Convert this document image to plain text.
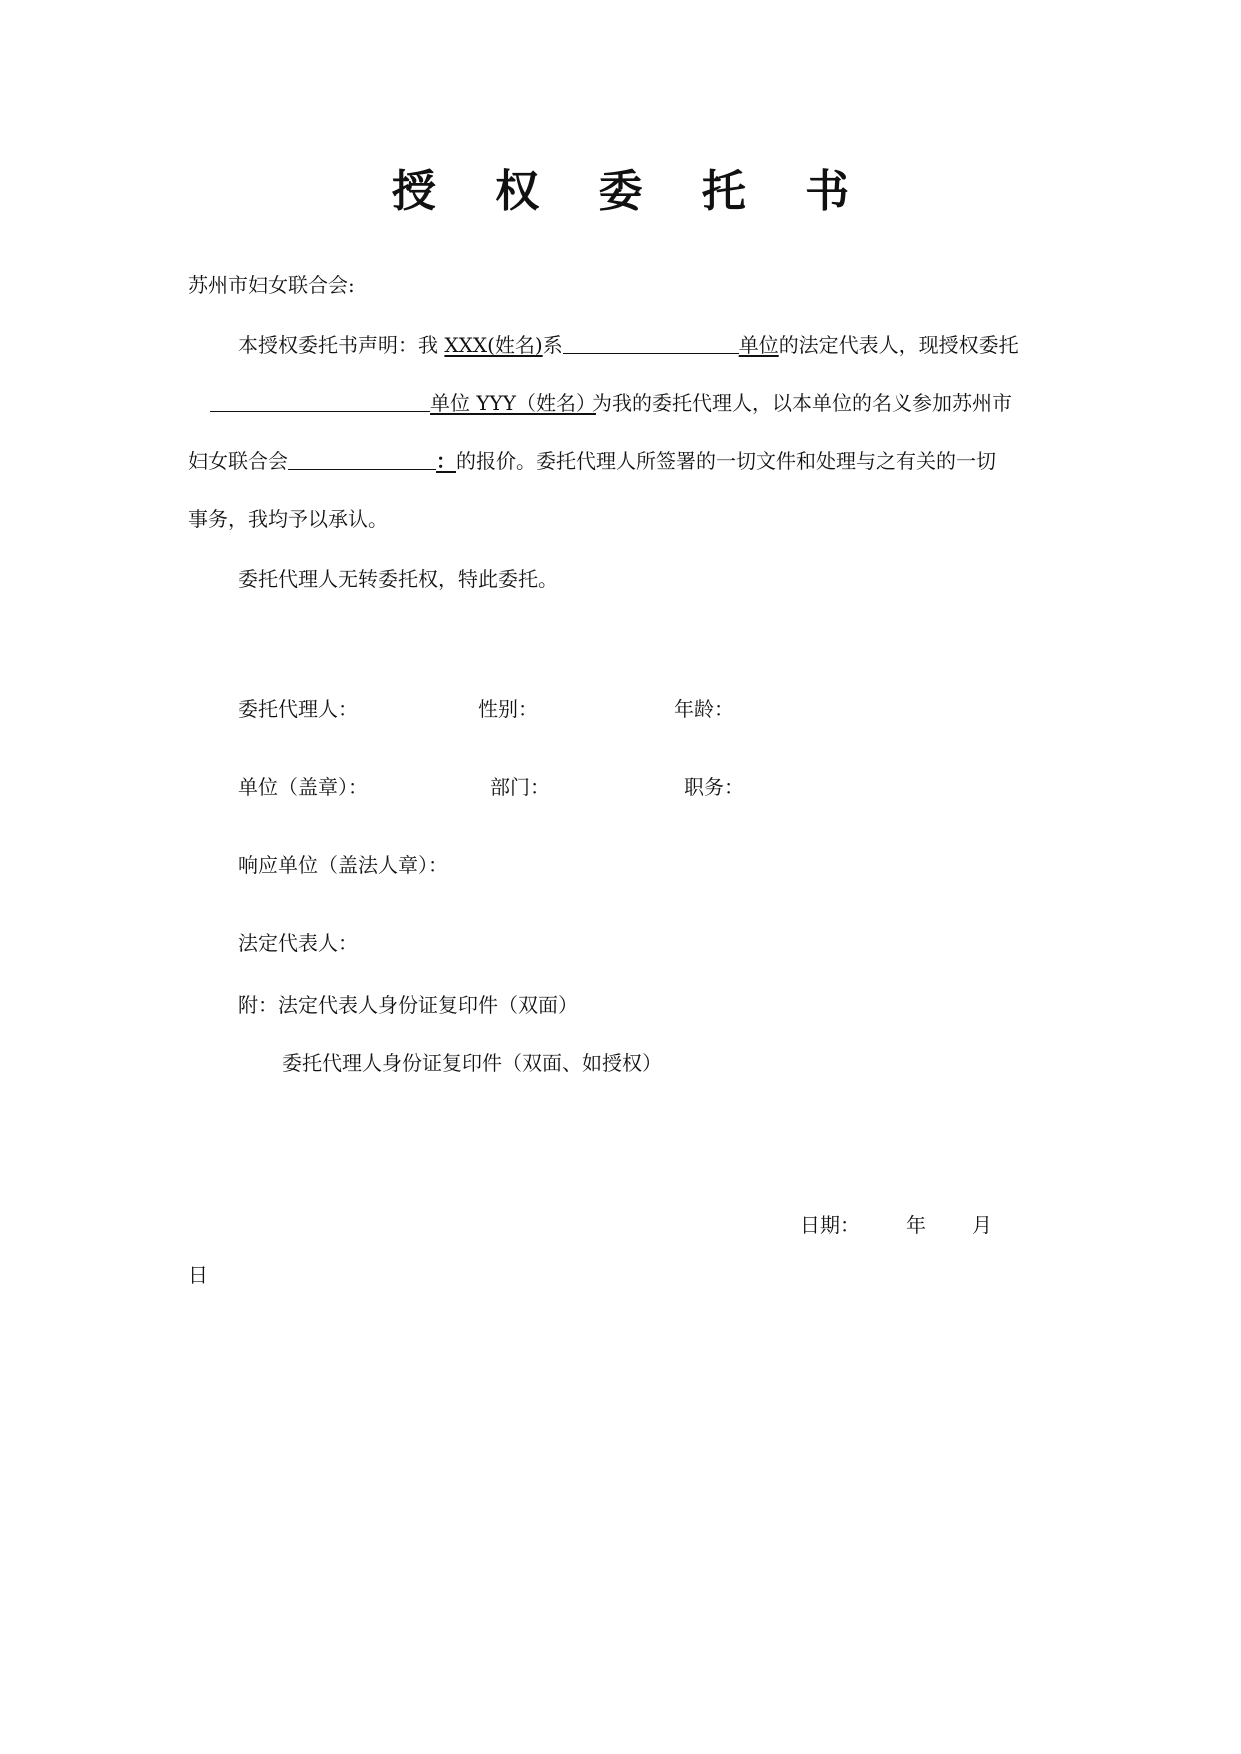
授 权 委 托 书
苏州市妇女联合会:
本授权委托书声明：我 XXX(姓名)系	单位的法定代表人，现授权委托
单位 YYY（姓名）
为我的委托代理人，以本单位的名义参加苏州市
妇女联合会	：的报价。委托代理人所签署的一切文件和处理与之有关的一切
事务，我均予以承认。
委托代理人无转委托权，特此委托。
委托代理人：	性别：	年龄：
单位（盖章）：	部门：	职务：
响应单位（盖法人章）：
法定代表人：
附：法定代表人身份证复印件（双面）
委托代理人身份证复印件（双面、如授权）
日期： 年 月
日
